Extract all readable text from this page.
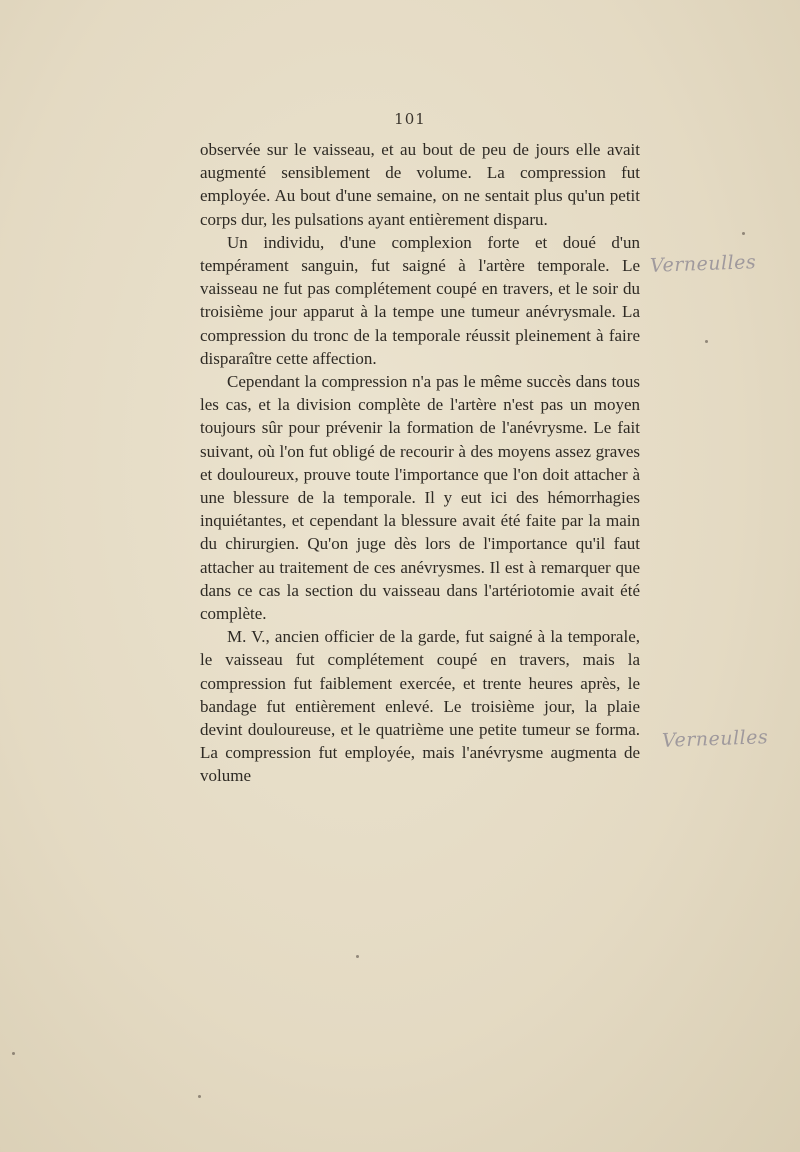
101

observée sur le vaisseau, et au bout de peu de jours elle avait augmenté sensiblement de volume. La compression fut employée. Au bout d'une semaine, on ne sentait plus qu'un petit corps dur, les pulsations ayant entièrement disparu.

Un individu, d'une complexion forte et doué d'un tempérament sanguin, fut saigné à l'artère temporale. Le vaisseau ne fut pas complétement coupé en travers, et le soir du troisième jour apparut à la tempe une tumeur anévrysmale. La compression du tronc de la temporale réussit pleinement à faire disparaître cette affection.

Cependant la compression n'a pas le même succès dans tous les cas, et la division complète de l'artère n'est pas un moyen toujours sûr pour prévenir la formation de l'anévrysme. Le fait suivant, où l'on fut obligé de recourir à des moyens assez graves et douloureux, prouve toute l'importance que l'on doit attacher à une blessure de la temporale. Il y eut ici des hémorrhagies inquiétantes, et cependant la blessure avait été faite par la main du chirurgien. Qu'on juge dès lors de l'importance qu'il faut attacher au traitement de ces anévrysmes. Il est à remarquer que dans ce cas la section du vaisseau dans l'artériotomie avait été complète.

M. V., ancien officier de la garde, fut saigné à la temporale, le vaisseau fut complétement coupé en travers, mais la compression fut faiblement exercée, et trente heures après, le bandage fut entièrement enlevé. Le troisième jour, la plaie devint douloureuse, et le quatrième une petite tumeur se forma. La compression fut employée, mais l'anévrysme augmenta de volume

Verneulles
Verneulles
